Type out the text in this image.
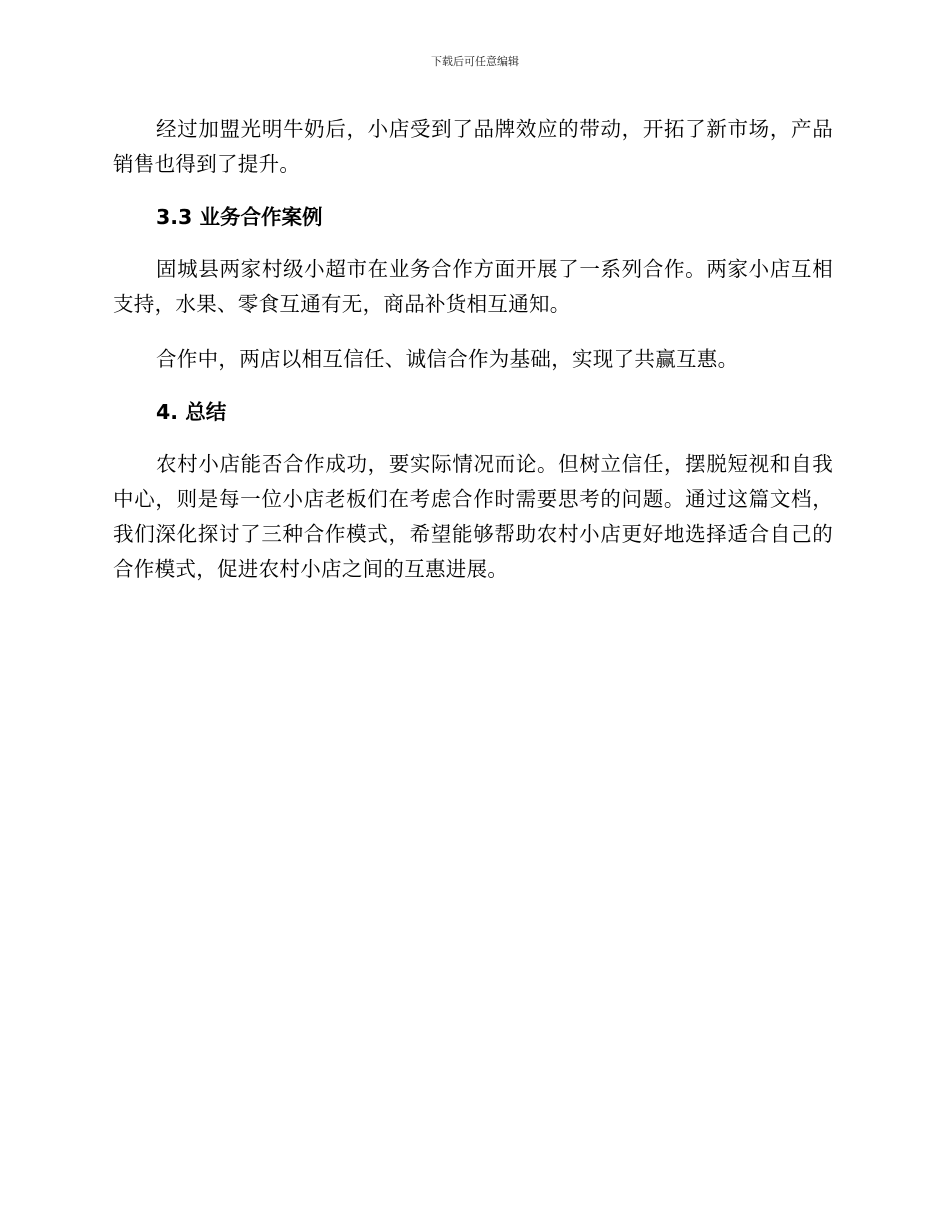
下载后可任意编辑

经过加盟光明牛奶后，小店受到了品牌效应的带动，开拓了新市场，产品销售也得到了提升。

3.3 业务合作案例

固城县两家村级小超市在业务合作方面开展了一系列合作。两家小店互相支持，水果、零食互通有无，商品补货相互通知。

合作中，两店以相互信任、诚信合作为基础，实现了共赢互惠。

4. 总结

农村小店能否合作成功，要实际情况而论。但树立信任，摆脱短视和自我中心，则是每一位小店老板们在考虑合作时需要思考的问题。通过这篇文档，我们深化探讨了三种合作模式，希望能够帮助农村小店更好地选择适合自己的合作模式，促进农村小店之间的互惠进展。
